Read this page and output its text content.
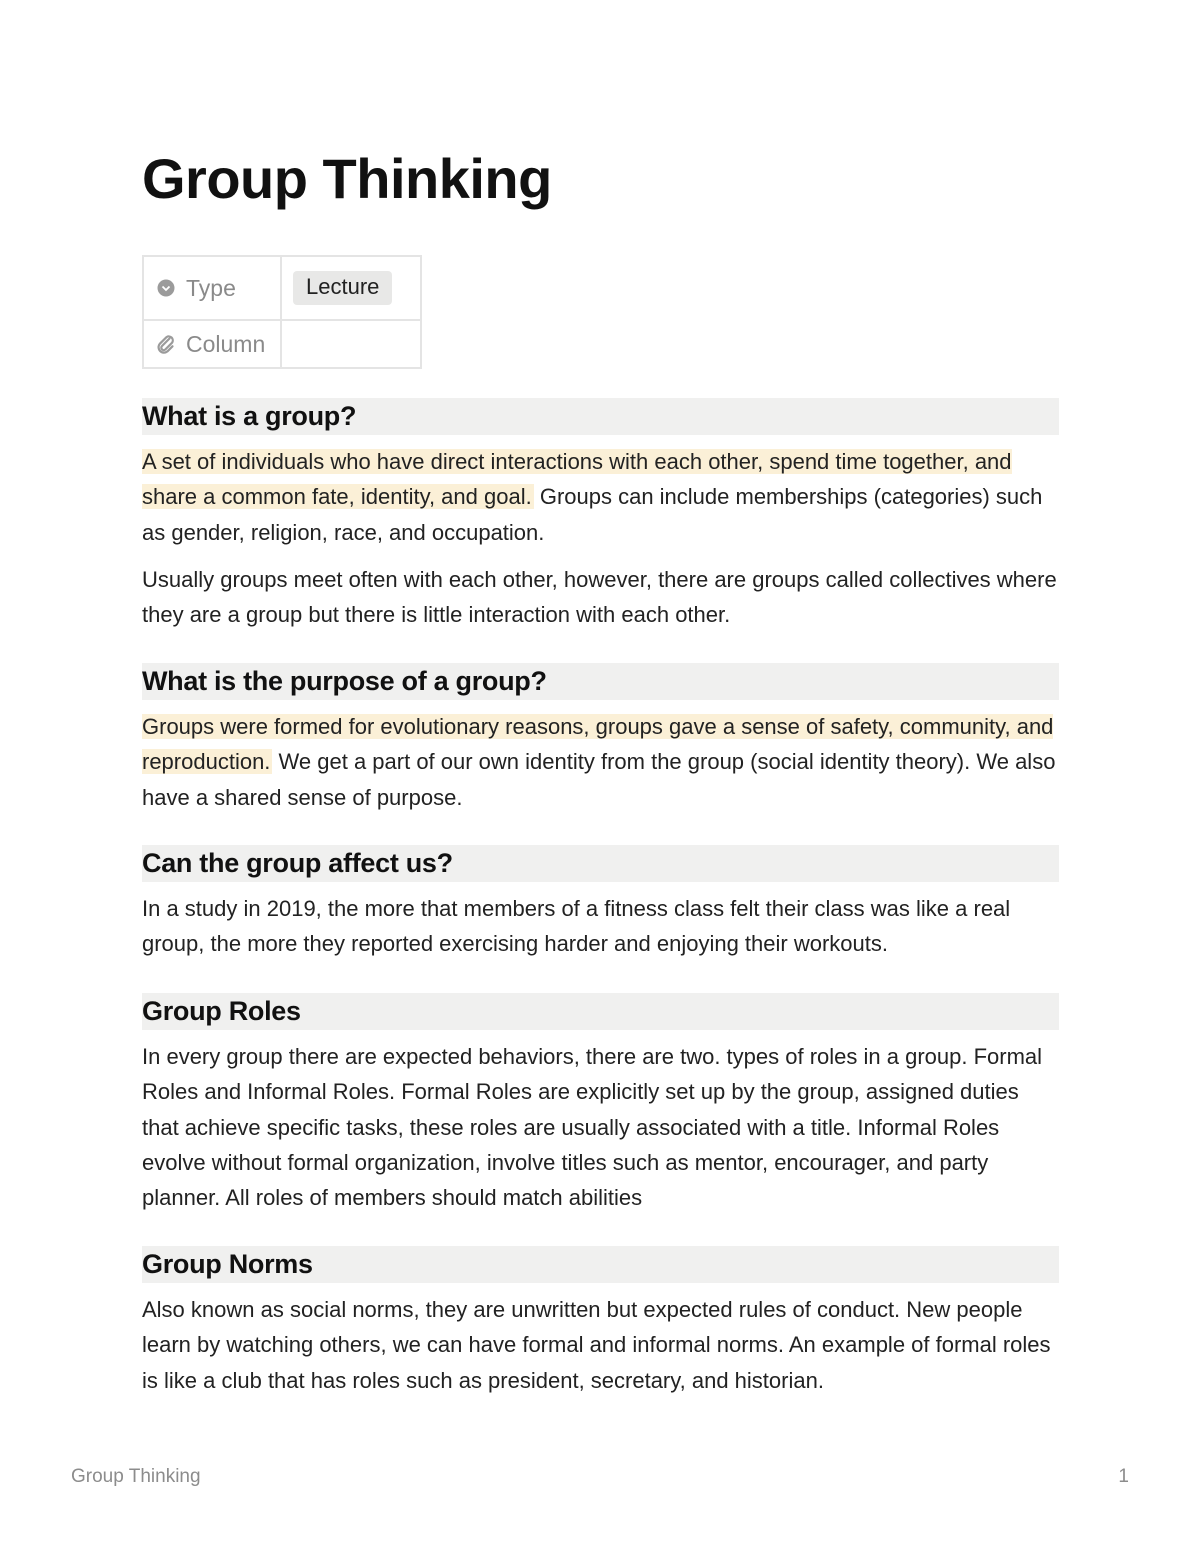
Group Thinking
Type	Lecture

Column	

What is a group?

A set of individuals who have direct interactions with each other, spend time together, and share a common fate, identity, and goal. Groups can include memberships (categories) such as gender, religion, race, and occupation.

Usually groups meet often with each other, however, there are groups called collectives where they are a group but there is little interaction with each other.

What is the purpose of a group?

Groups were formed for evolutionary reasons, groups gave a sense of safety, community, and reproduction. We get a part of our own identity from the group (social identity theory). We also have a shared sense of purpose.

Can the group affect us?

In a study in 2019, the more that members of a fitness class felt their class was like a real group, the more they reported exercising harder and enjoying their workouts.

Group Roles

In every group there are expected behaviors, there are two. types of roles in a group. Formal Roles and Informal Roles. Formal Roles are explicitly set up by the group, assigned duties that achieve specific tasks, these roles are usually associated with a title. Informal Roles evolve without formal organization, involve titles such as mentor, encourager, and party planner. All roles of members should match abilities

Group Norms

Also known as social norms, they are unwritten but expected rules of conduct. New people learn by watching others, we can have formal and informal norms. An example of formal roles is like a club that has roles such as president, secretary, and historian.

Group Thinking	1
